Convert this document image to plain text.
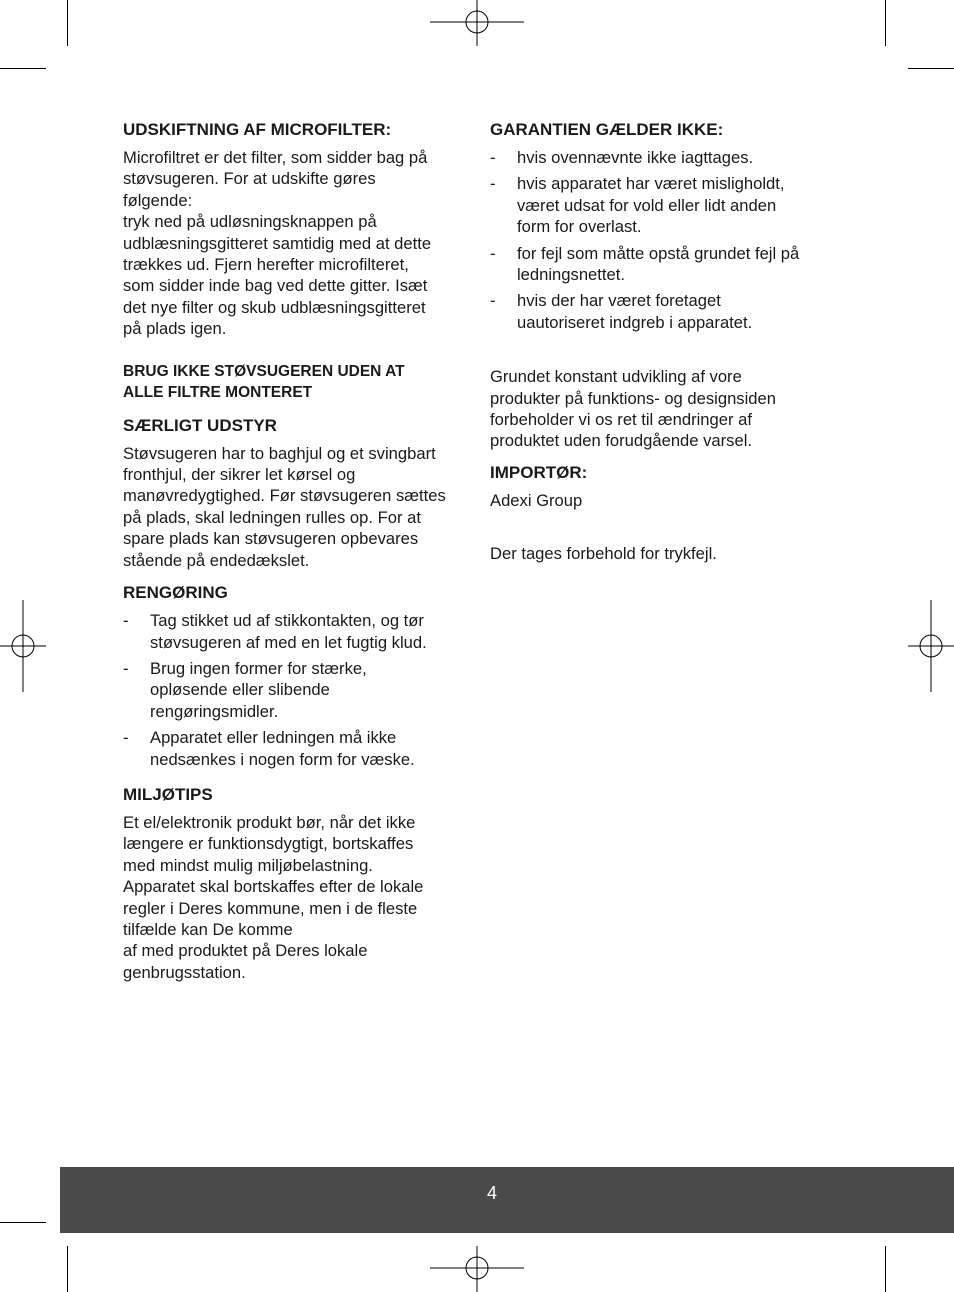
UDSKIFTNING AF MICROFILTER:

Microfiltret er det filter, som sidder bag på
støvsugeren. For at udskifte gøres
følgende:
tryk ned på udløsningsknappen på
udblæsningsgitteret samtidig med at dette
trækkes ud. Fjern herefter microfilteret,
som sidder inde bag ved dette gitter. Isæt
det nye filter og skub udblæsningsgitteret
på plads igen.

BRUG IKKE STØVSUGEREN UDEN AT
ALLE FILTRE MONTERET
SÆRLIGT UDSTYR

Støvsugeren har to baghjul og et svingbart
fronthjul, der sikrer let kørsel og
manøvredygtighed. Før støvsugeren sættes
på plads, skal ledningen rulles op. For at
spare plads kan støvsugeren opbevares
stående på endedækslet.

RENGØRING
- Tag stikket ud af stikkontakten, og tør
støvsugeren af med en let fugtig klud.
- Brug ingen former for stærke,
opløsende eller slibende
rengøringsmidler.
- Apparatet eller ledningen må ikke
nedsænkes i nogen form for væske.
MILJØTIPS

Et el/elektronik produkt bør, når det ikke
længere er funktionsdygtigt, bortskaffes
med mindst mulig miljøbelastning.
Apparatet skal bortskaffes efter de lokale
regler i Deres kommune, men i de fleste
tilfælde kan De komme
af med produktet på Deres lokale
genbrugsstation.

GARANTIEN GÆLDER IKKE:
- hvis ovennævnte ikke iagttages.
- hvis apparatet har været misligholdt,
været udsat for vold eller lidt anden
form for overlast.
- for fejl som måtte opstå grundet fejl på
ledningsnettet.
- hvis der har været foretaget
uautoriseret indgreb i apparatet.

Grundet konstant udvikling af vore
produkter på funktions- og designsiden
forbeholder vi os ret til ændringer af
produktet uden forudgående varsel.

IMPORTØR:

Adexi Group

Der tages forbehold for trykfejl.

4
